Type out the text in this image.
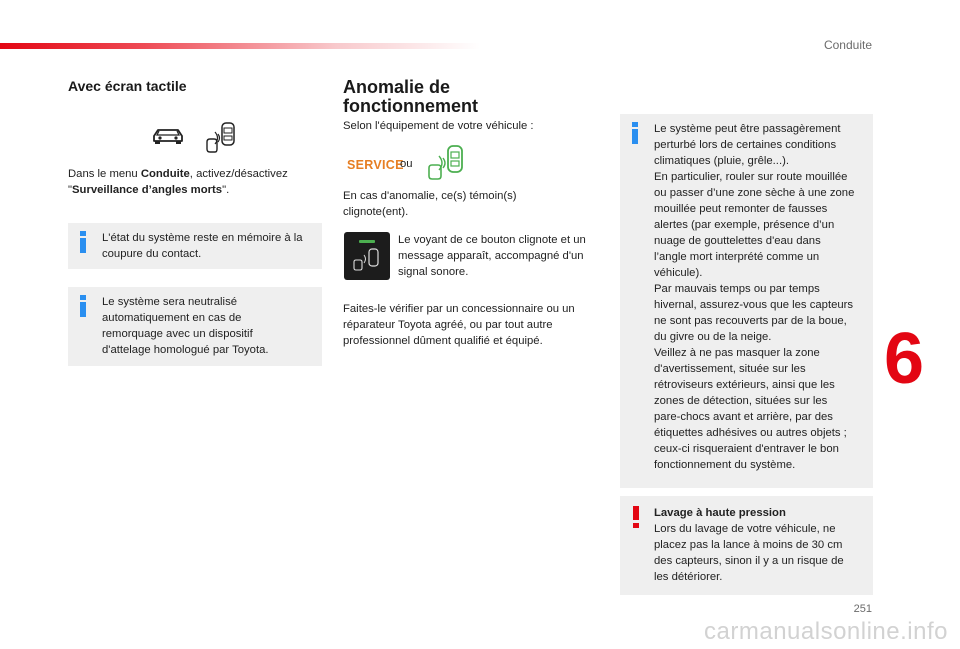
Conduite
Avec écran tactile
Dans le menu Conduite, activez/désactivez
"Surveillance d’angles morts".
L'état du système reste en mémoire à la coupure du contact.
Le système sera neutralisé automatiquement en cas de remorquage avec un dispositif d'attelage homologué par Toyota.
Anomalie de
fonctionnement
Selon l'équipement de votre véhicule :
SERVICE
ou
En cas d'anomalie, ce(s) témoin(s) clignote(ent).
Le voyant de ce bouton clignote et un message apparaît, accompagné d'un signal sonore.
Faites-le vérifier par un concessionnaire ou un réparateur Toyota agréé, ou par tout autre professionnel dûment qualifié et équipé.
Le système peut être passagèrement
perturbé lors de certaines conditions
climatiques (pluie, grêle...).
En particulier, rouler sur route mouillée
ou passer d’une zone sèche à une zone
mouillée peut remonter de fausses
alertes (par exemple, présence d’un
nuage de gouttelettes d'eau dans
l’angle mort interprété comme un
véhicule).
Par mauvais temps ou par temps
hivernal, assurez-vous que les capteurs
ne sont pas recouverts par de la boue,
du givre ou de la neige.
Veillez à ne pas masquer la zone
d'avertissement, située sur les
rétroviseurs extérieurs, ainsi que les
zones de détection, situées sur les
pare-chocs avant et arrière, par des
étiquettes adhésives ou autres objets ;
ceux-ci risqueraient d'entraver le bon
fonctionnement du système.
Lavage à haute pression
Lors du lavage de votre véhicule, ne
placez pas la lance à moins de 30 cm
des capteurs, sinon il y a un risque de
les détériorer.
6
251
carmanualsonline.info
